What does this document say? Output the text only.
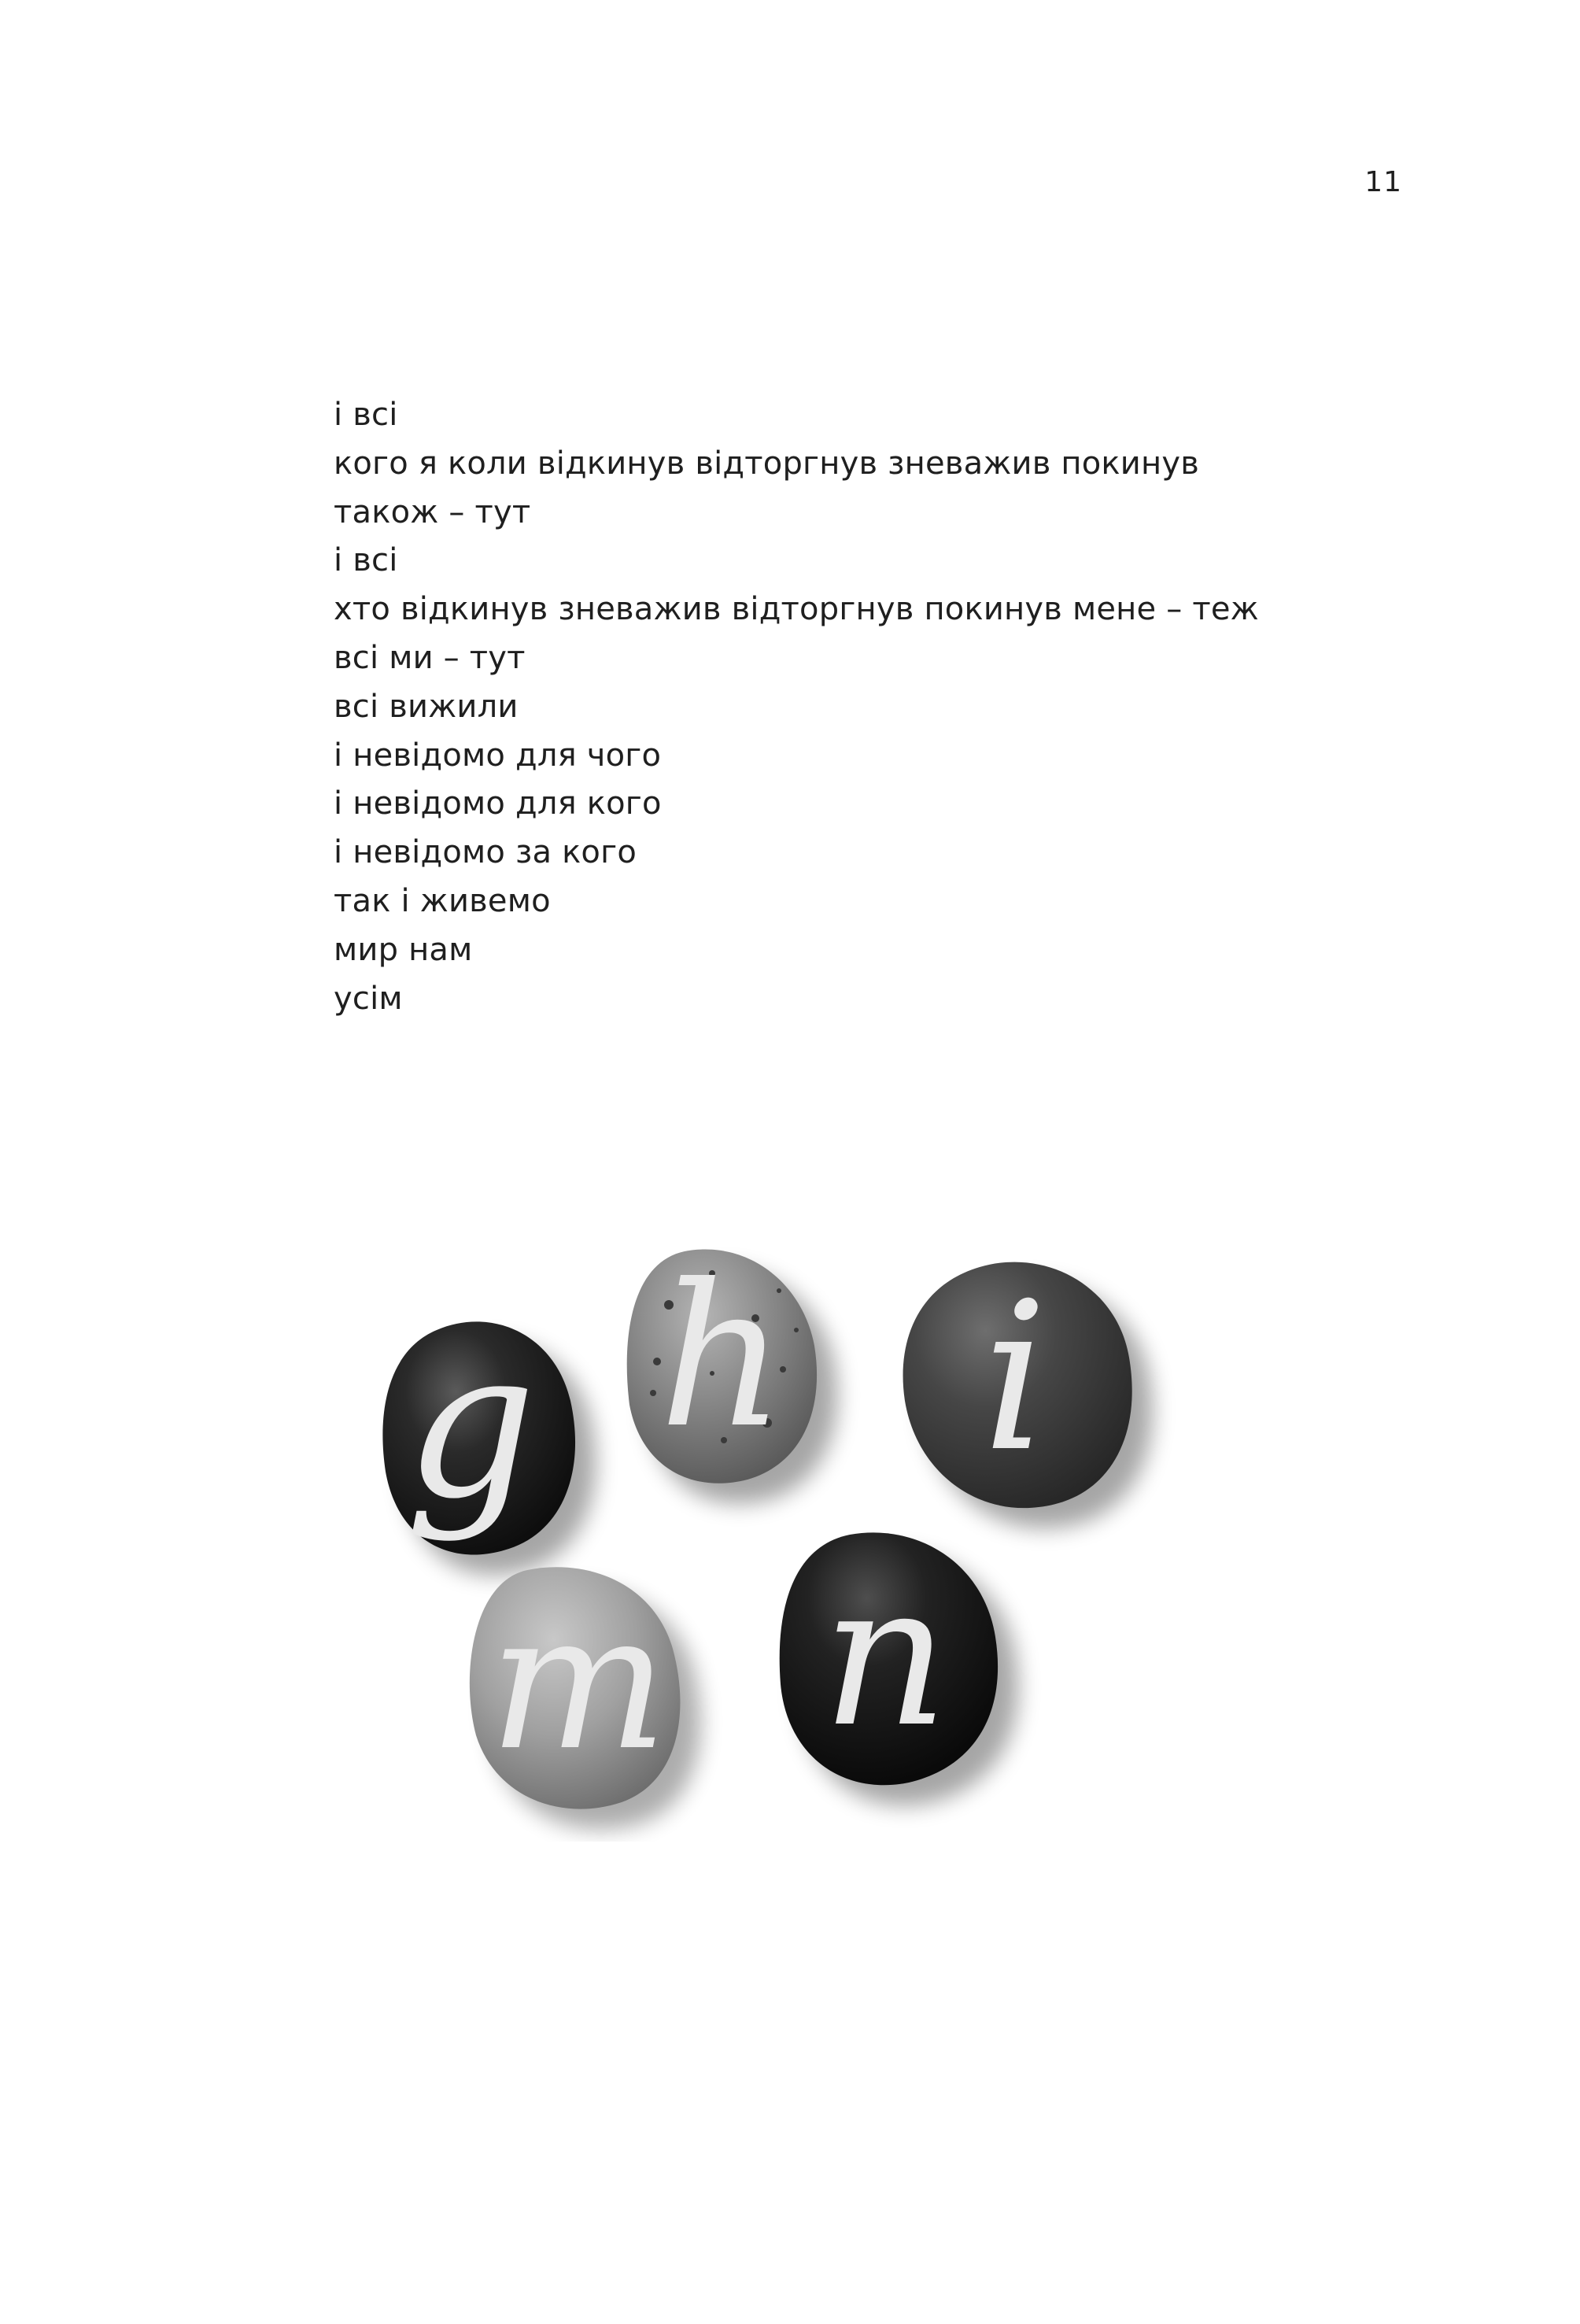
11
і всі
кого я коли відкинув відторгнув зневажив покинув
також – тут
і всі
хто відкинув зневажив відторгнув покинув мене – теж
всі ми – тут
всі вижили
і невідомо для чого
і невідомо для кого
і невідомо за кого
так і живемо
мир нам
усім
g h i
m n
